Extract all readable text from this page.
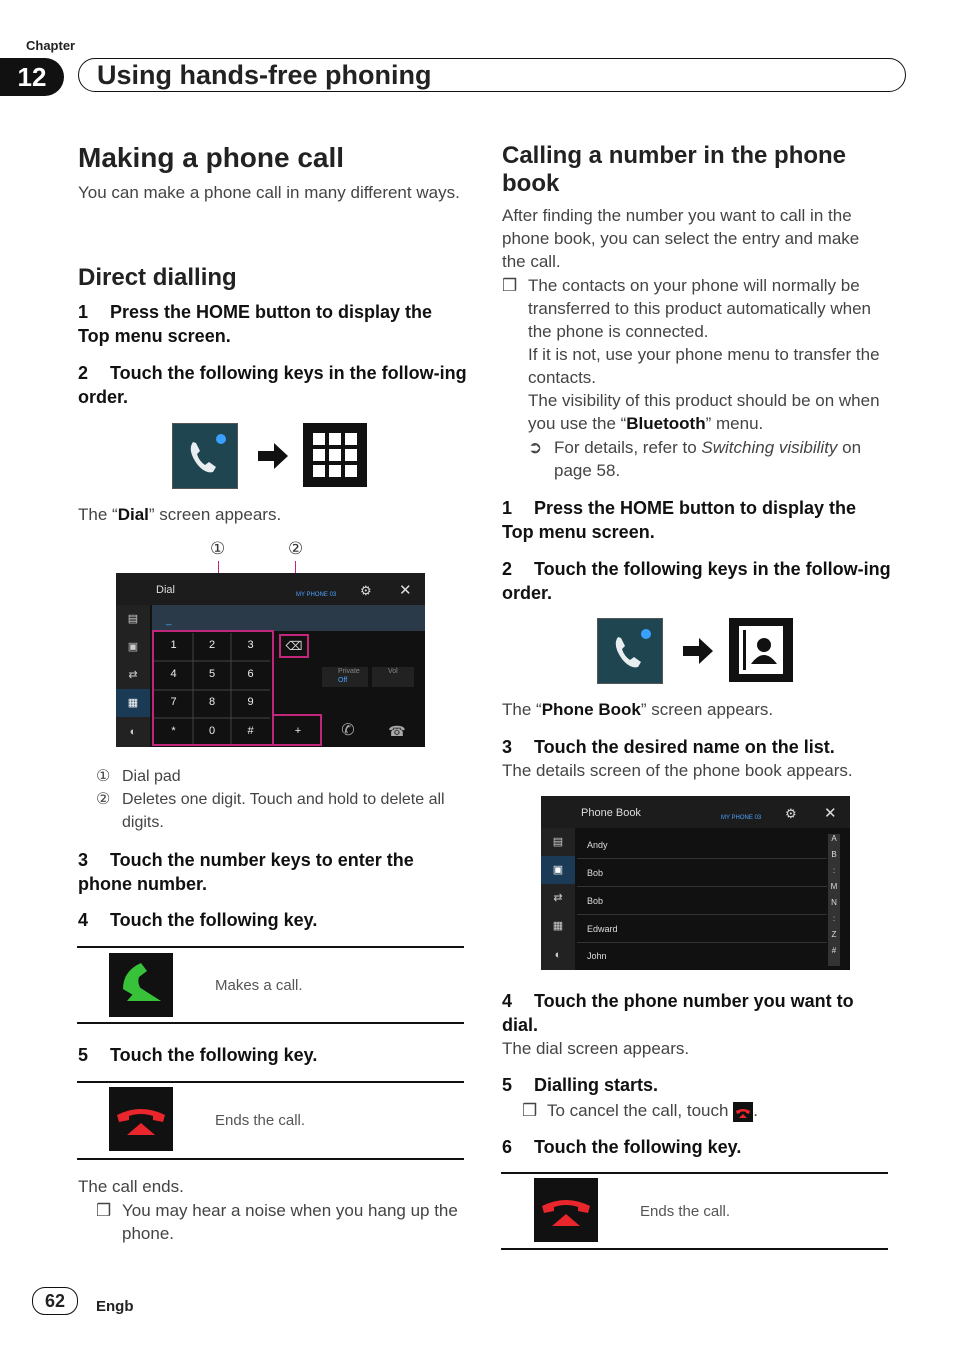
Chapter
12	Using hands-free phoning
Making a phone call
You can make a phone call in many different ways.
Direct dialling
1 Press the HOME button to display the Top menu screen.
2 Touch the following keys in the follow-ing order.
The “Dial” screen appears.
①	②
Dial	MY PHONE 03 ⚙ ✕
▤
▣
⇄
▦
◐
_
1	2	3
4	5	6
7	8	9
*	0	#	+
⌫
Private
Off
Vol
✆	☎
① Dial pad
② Deletes one digit. Touch and hold to delete all digits.
3 Touch the number keys to enter the phone number.
4 Touch the following key.
Makes a call.
5 Touch the following key.
Ends the call.
The call ends.
❒ You may hear a noise when you hang up the phone.
Calling a number in the phone book
After finding the number you want to call in the phone book, you can select the entry and make the call.
❒ The contacts on your phone will normally be transferred to this product automatically when the phone is connected.
If it is not, use your phone menu to transfer the contacts.
The visibility of this product should be on when you use the “Bluetooth” menu.
➲ For details, refer to Switching visibility on page 58.
1 Press the HOME button to display the Top menu screen.
2 Touch the following keys in the follow-ing order.
The “Phone Book” screen appears.
3 Touch the desired name on the list.
The details screen of the phone book appears.
Phone Book	MY PHONE 03 ⚙ ✕
▤
▣
⇄
▦
◐
Andy
Bob
Bob
Edward
John
A
B
:
M
N
:
Z
#
4 Touch the phone number you want to dial.
The dial screen appears.
5 Dialling starts.
❒ To cancel the call, touch .
6 Touch the following key.
Ends the call.
62	Engb
